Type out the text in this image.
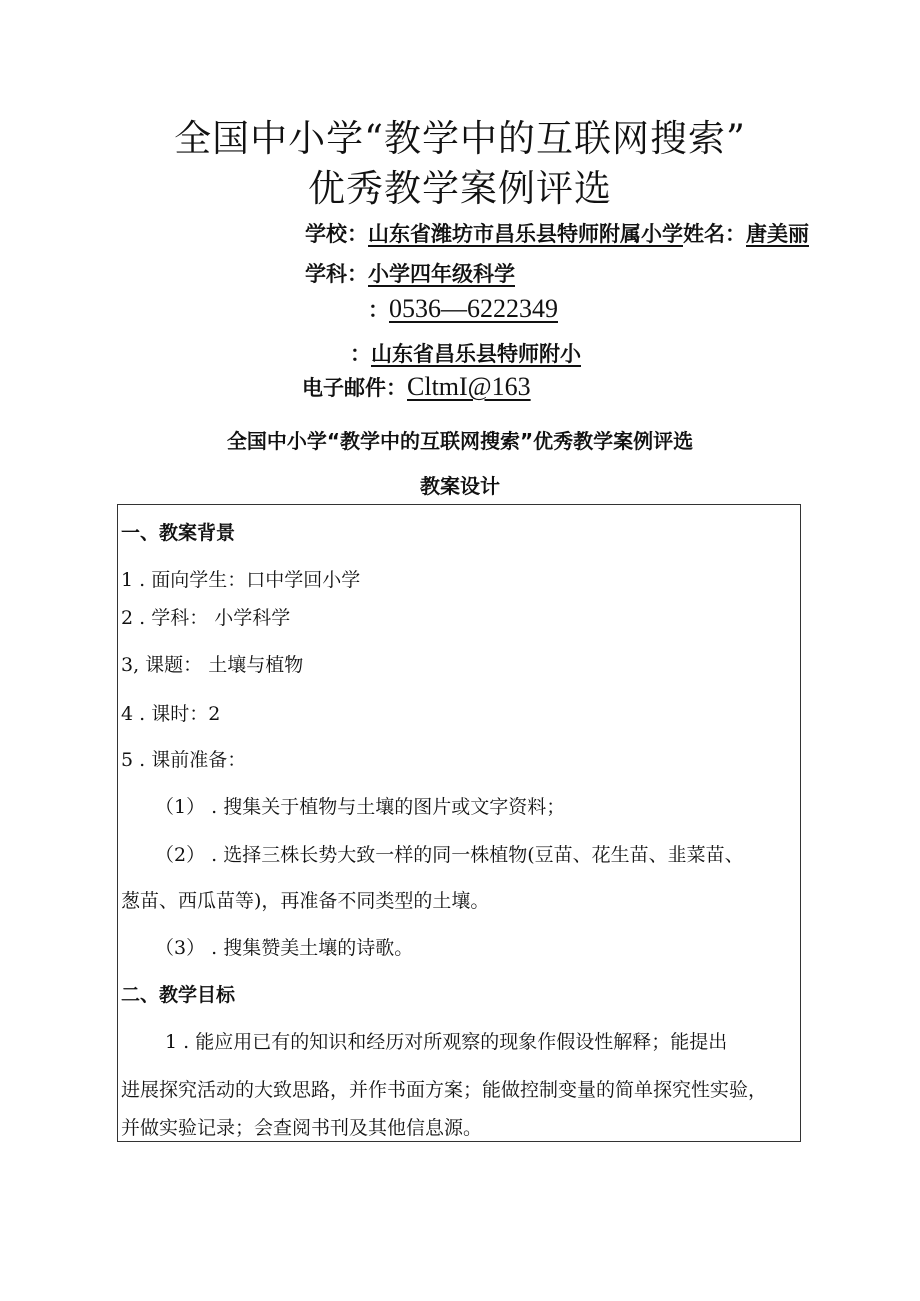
全国中小学“教学中的互联网搜索”
优秀教学案例评选
学校：山东省潍坊市昌乐县特师附属小学姓名：唐美丽
学科：小学四年级科学
：0536—6222349
：山东省昌乐县特师附小
电子邮件：CltmI@163
全国中小学“教学中的互联网搜索”优秀教学案例评选
教案设计
一、教案背景
1 . 面向学生：口中学回小学
2 . 学科： 小学科学
3, 课题： 土壤与植物
4 . 课时：2
5 . 课前准备：
（1） . 搜集关于植物与土壤的图片或文字资料；
（2） . 选择三株长势大致一样的同一株植物(豆苗、花生苗、韭菜苗、
葱苗、西瓜苗等)，再准备不同类型的土壤。
（3） . 搜集赞美土壤的诗歌。
二、教学目标
1 . 能应用已有的知识和经历对所观察的现象作假设性解释；能提出
进展探究活动的大致思路，并作书面方案；能做控制变量的简单探究性实验，
并做实验记录；会查阅书刊及其他信息源。
